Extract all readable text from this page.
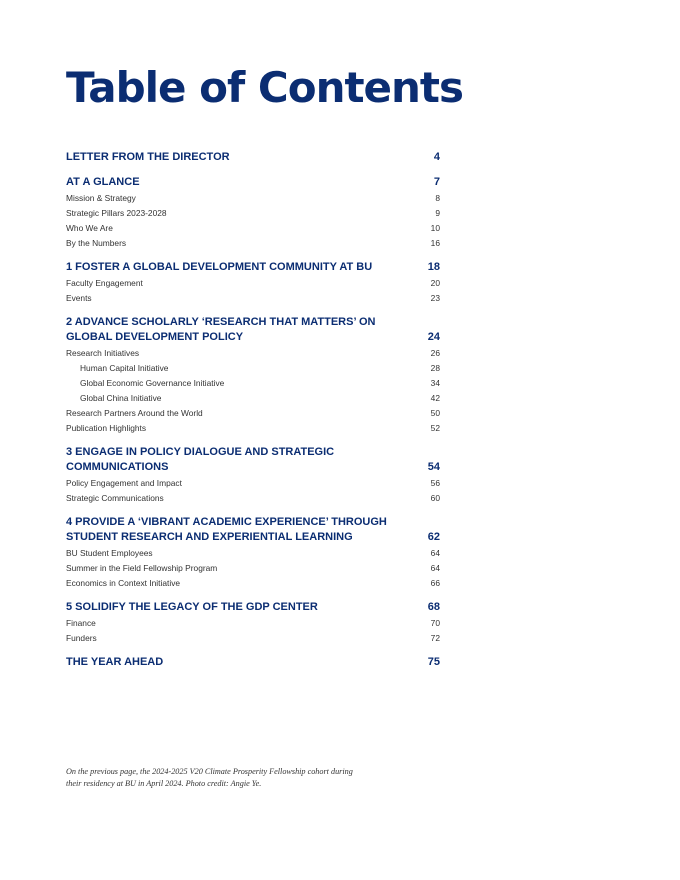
Table of Contents
LETTER FROM THE DIRECTOR	4
AT A GLANCE	7
Mission & Strategy	8
Strategic Pillars 2023-2028	9
Who We Are	10
By the Numbers	16
1 FOSTER A GLOBAL DEVELOPMENT COMMUNITY AT BU	18
Faculty Engagement	20
Events	23
2 ADVANCE SCHOLARLY ‘RESEARCH THAT MATTERS’ ON GLOBAL DEVELOPMENT POLICY	24
Research Initiatives	26
Human Capital Initiative	28
Global Economic Governance Initiative	34
Global China Initiative	42
Research Partners Around the World	50
Publication Highlights	52
3 ENGAGE IN POLICY DIALOGUE AND STRATEGIC COMMUNICATIONS	54
Policy Engagement and Impact	56
Strategic Communications	60
4 PROVIDE A ‘VIBRANT ACADEMIC EXPERIENCE’ THROUGH STUDENT RESEARCH AND EXPERIENTIAL LEARNING	62
BU Student Employees	64
Summer in the Field Fellowship Program	64
Economics in Context Initiative	66
5 SOLIDIFY THE LEGACY OF THE GDP CENTER	68
Finance	70
Funders	72
THE YEAR AHEAD	75
On the previous page, the 2024-2025 V20 Climate Prosperity Fellowship cohort during their residency at BU in April 2024. Photo credit: Angie Ye.
